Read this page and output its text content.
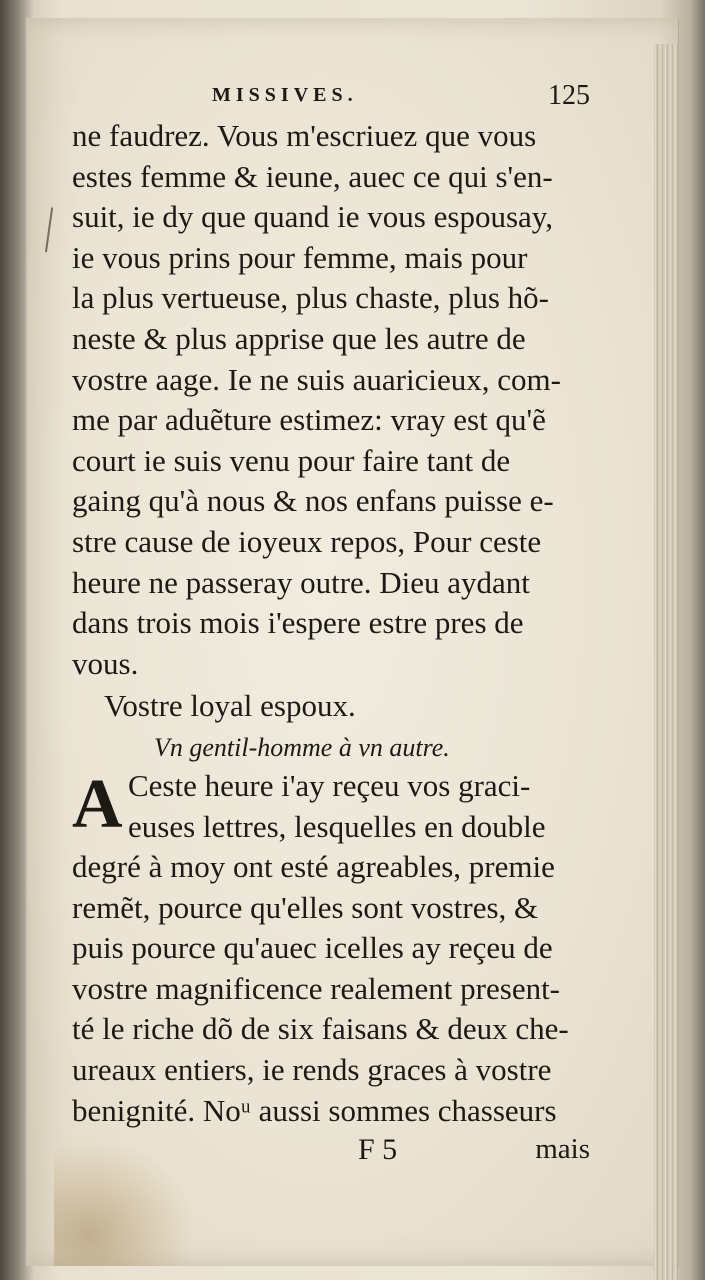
MISSIVES.	125
ne faudrez. Vous m'escriuez que vous
estes femme & ieune, auec ce qui s'en-
suit, ie dy que quand ie vous espousay,
ie vous prins pour femme, mais pour
la plus vertueuse, plus chaste, plus hõ-
neste & plus apprise que les autre de
vostre aage. Ie ne suis auaricieux, com-
me par aduẽture estimez: vray est qu'ẽ
court ie suis venu pour faire tant de
gaing qu'à nous & nos enfans puisse e-
stre cause de ioyeux repos, Pour ceste
heure ne passeray outre. Dieu aydant
dans trois mois i'espere estre pres de
vous.
Vostre loyal espoux.
Vn gentil-homme à vn autre.
A Ceste heure i'ay reçeu vos graci-
euses lettres, lesquelles en double
degré à moy ont esté agreables, premie
remẽt, pource qu'elles sont vostres, &
puis pource qu'auec icelles ay reçeu de
vostre magnificence realement present-
té le riche dõ de six faisans & deux che-
ureaux entiers, ie rends graces à vostre
benignité. Noᵘ aussi sommes chasseurs
F 5	mais
